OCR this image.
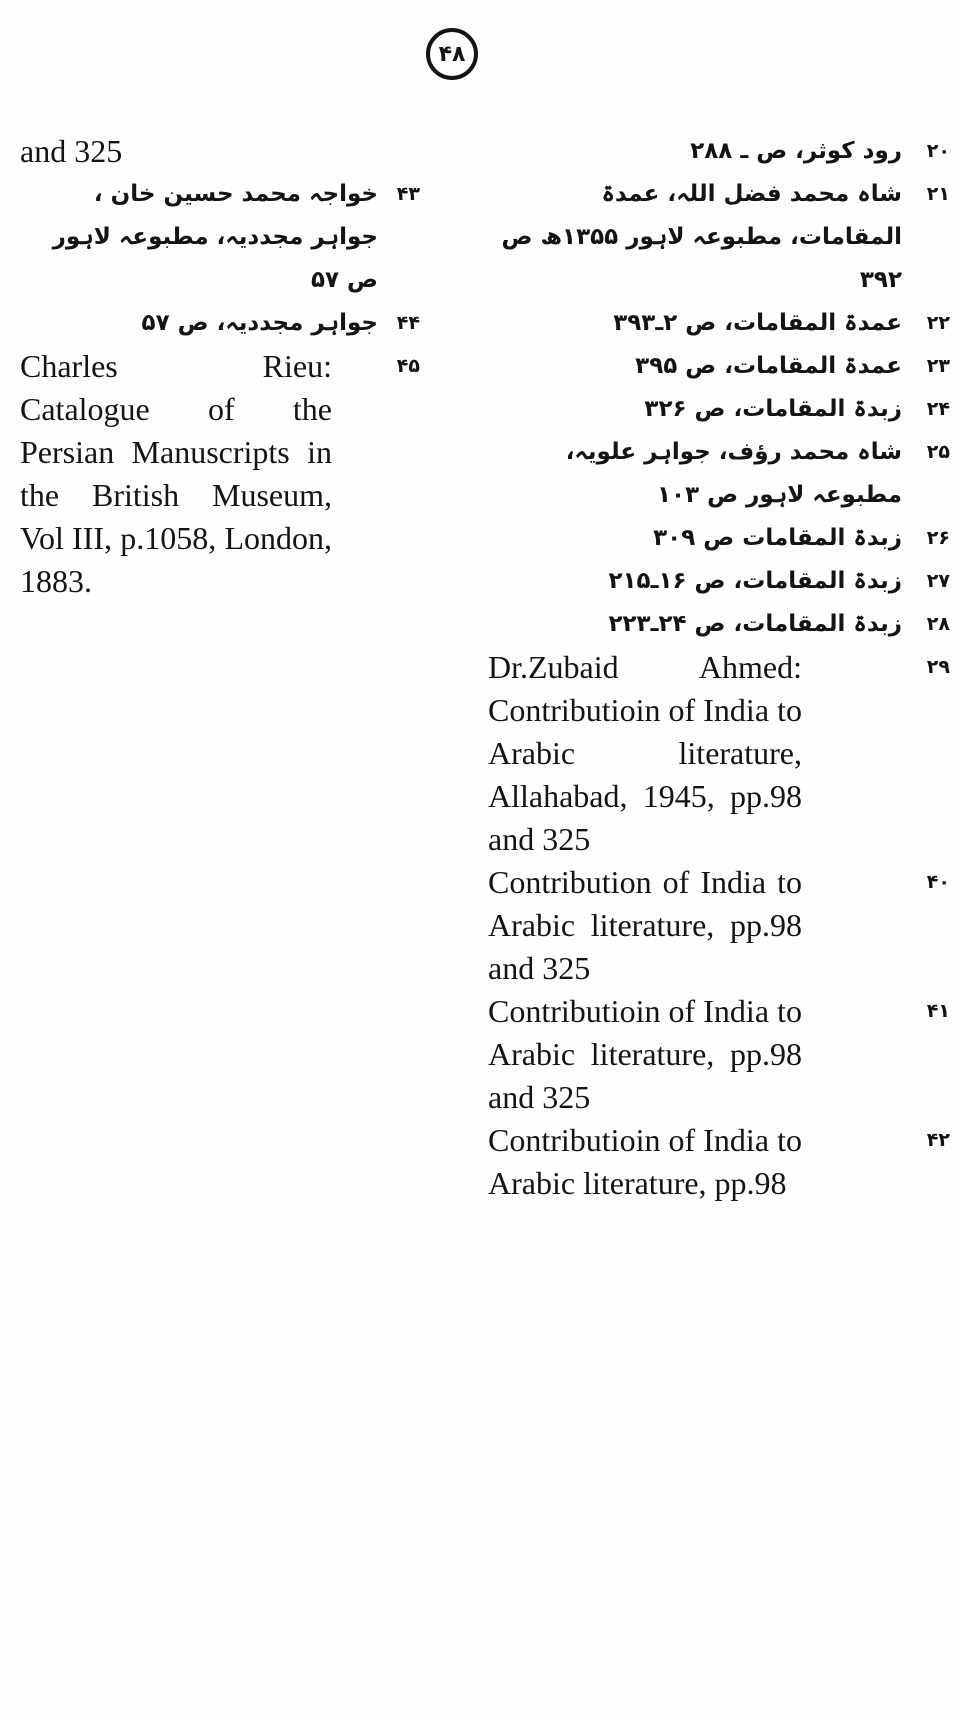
۴۸
and 325
۴۳
خواجہ محمد حسین خان ، جواہر مجددیہ، مطبوعہ لاہور ص ۵۷
۴۴
جواہر مجددیہ، ص ۵۷
۴۵
Charles Rieu: Catalogue of the Persian Manuscripts in the British Museum, Vol III, p.1058, London, 1883.
۲۰
رود کوثر، ص ـ ۲۸۸
۲۱
شاہ محمد فضل اللہ، عمدۃ المقامات، مطبوعہ لاہور ۱۳۵۵ھ ص ۳۹۲
۲۲
عمدۃ المقامات، ص ۲ـ۳۹۳
۲۳
عمدۃ المقامات، ص ۳۹۵
۲۴
زبدۃ المقامات، ص ۳۲۶
۲۵
شاہ محمد رؤف، جواہر علویہ، مطبوعہ لاہور ص ۱۰۳
۲۶
زبدۃ المقامات ص ۳۰۹
۲۷
زبدۃ المقامات، ص ۱۶ـ۲۱۵
۲۸
زبدۃ المقامات، ص ۲۴ـ۲۲۳
۲۹
Dr.Zubaid Ahmed: Contributioin of India to Arabic literature, Allahabad, 1945, pp.98 and 325
۴۰
Contribution of India to Arabic literature, pp.98 and 325
۴۱
Contributioin of India to Arabic literature, pp.98 and 325
۴۲
Contributioin of India to Arabic literature, pp.98
